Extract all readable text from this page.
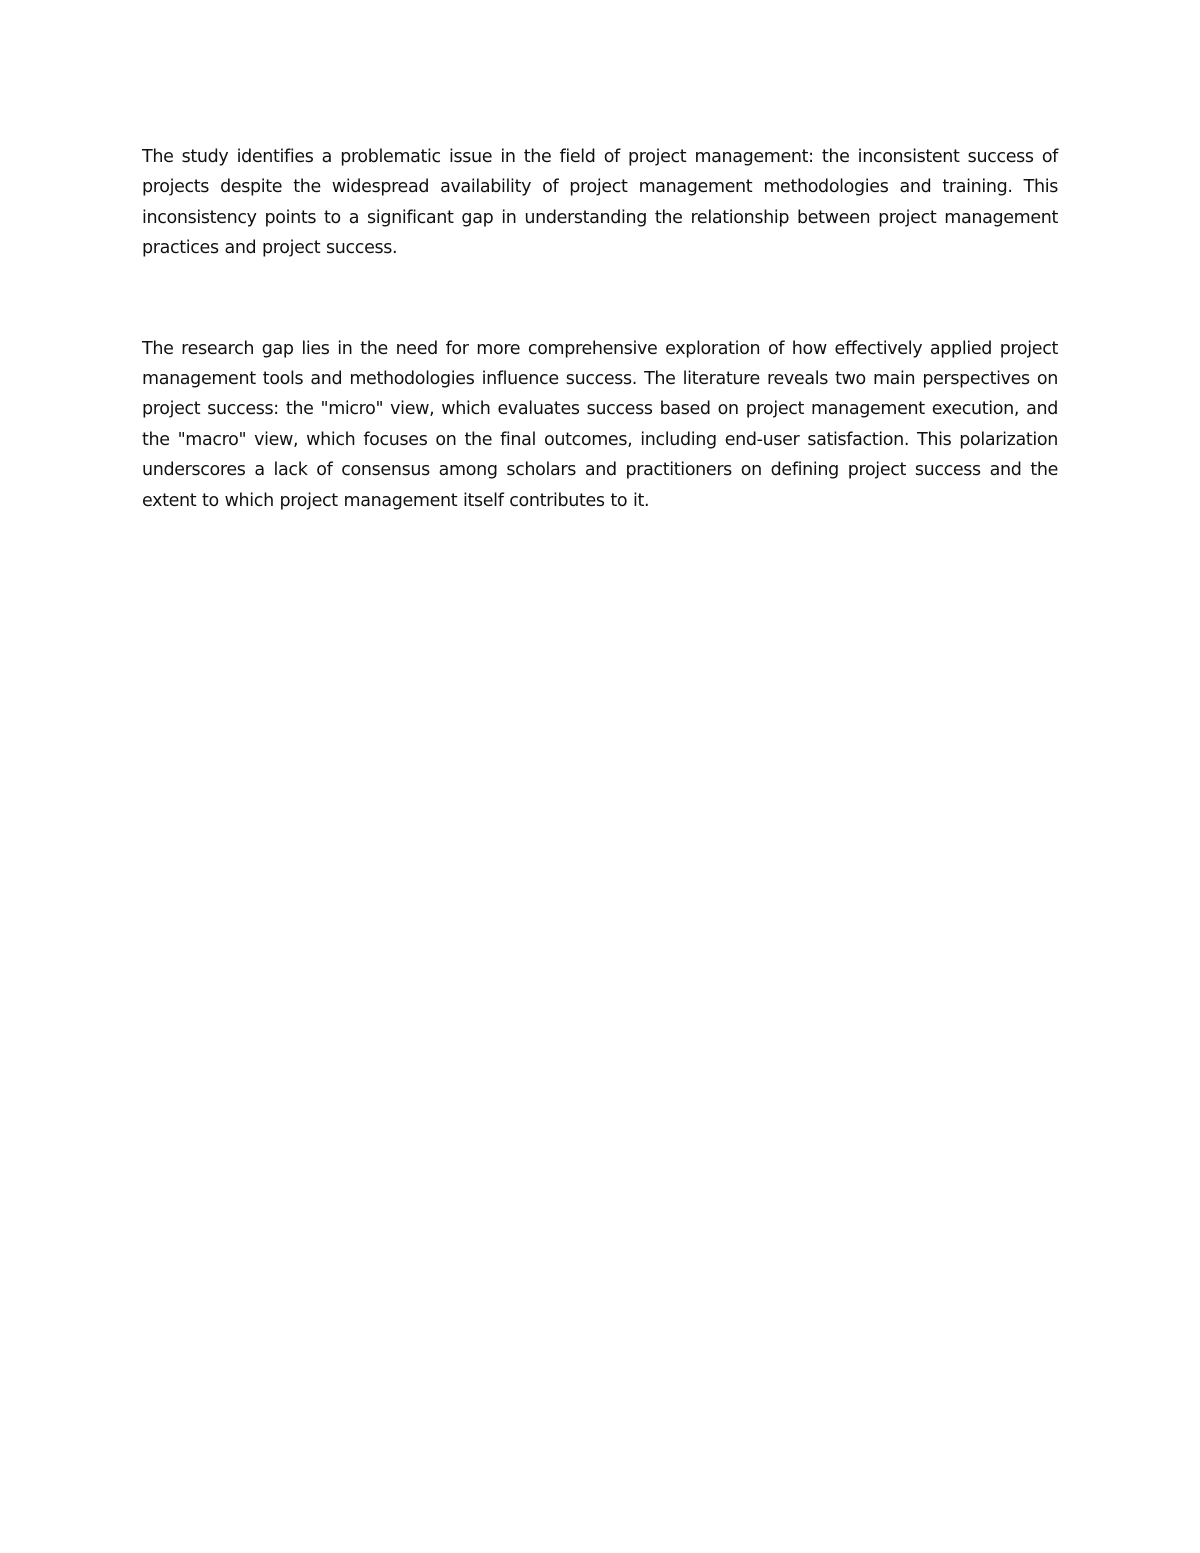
The study identifies a problematic issue in the field of project management: the inconsistent success of projects despite the widespread availability of project management methodologies and training. This inconsistency points to a significant gap in understanding the relationship between project management practices and project success.

The research gap lies in the need for more comprehensive exploration of how effectively applied project management tools and methodologies influence success. The literature reveals two main perspectives on project success: the "micro" view, which evaluates success based on project management execution, and the "macro" view, which focuses on the final outcomes, including end-user satisfaction. This polarization underscores a lack of consensus among scholars and practitioners on defining project success and the extent to which project management itself contributes to it.
